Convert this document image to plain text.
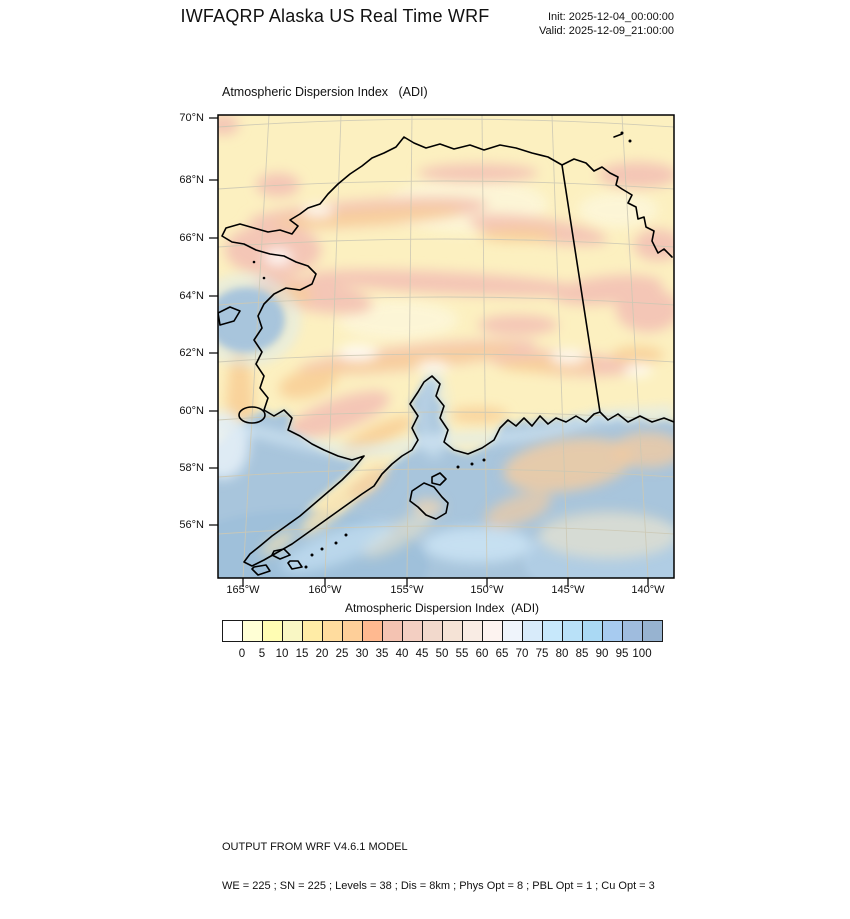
IWFAQRP Alaska US Real Time WRF	Init: 2025-12-04_00:00:00
Valid: 2025-12-09_21:00:00
Atmospheric Dispersion Index   (ADI)
70°N
68°N
66°N
64°N
62°N
60°N
58°N
56°N
165°W	160°W	155°W	150°W	145°W	140°W
Atmospheric Dispersion Index  (ADI)
0	5 10 15 20 25 30 35 40 45 50 55 60 65 70 75 80 85 90 95 100

OUTPUT FROM WRF V4.6.1 MODEL

WE = 225 ; SN = 225 ; Levels = 38 ; Dis = 8km ; Phys Opt = 8 ; PBL Opt = 1 ; Cu Opt = 3
